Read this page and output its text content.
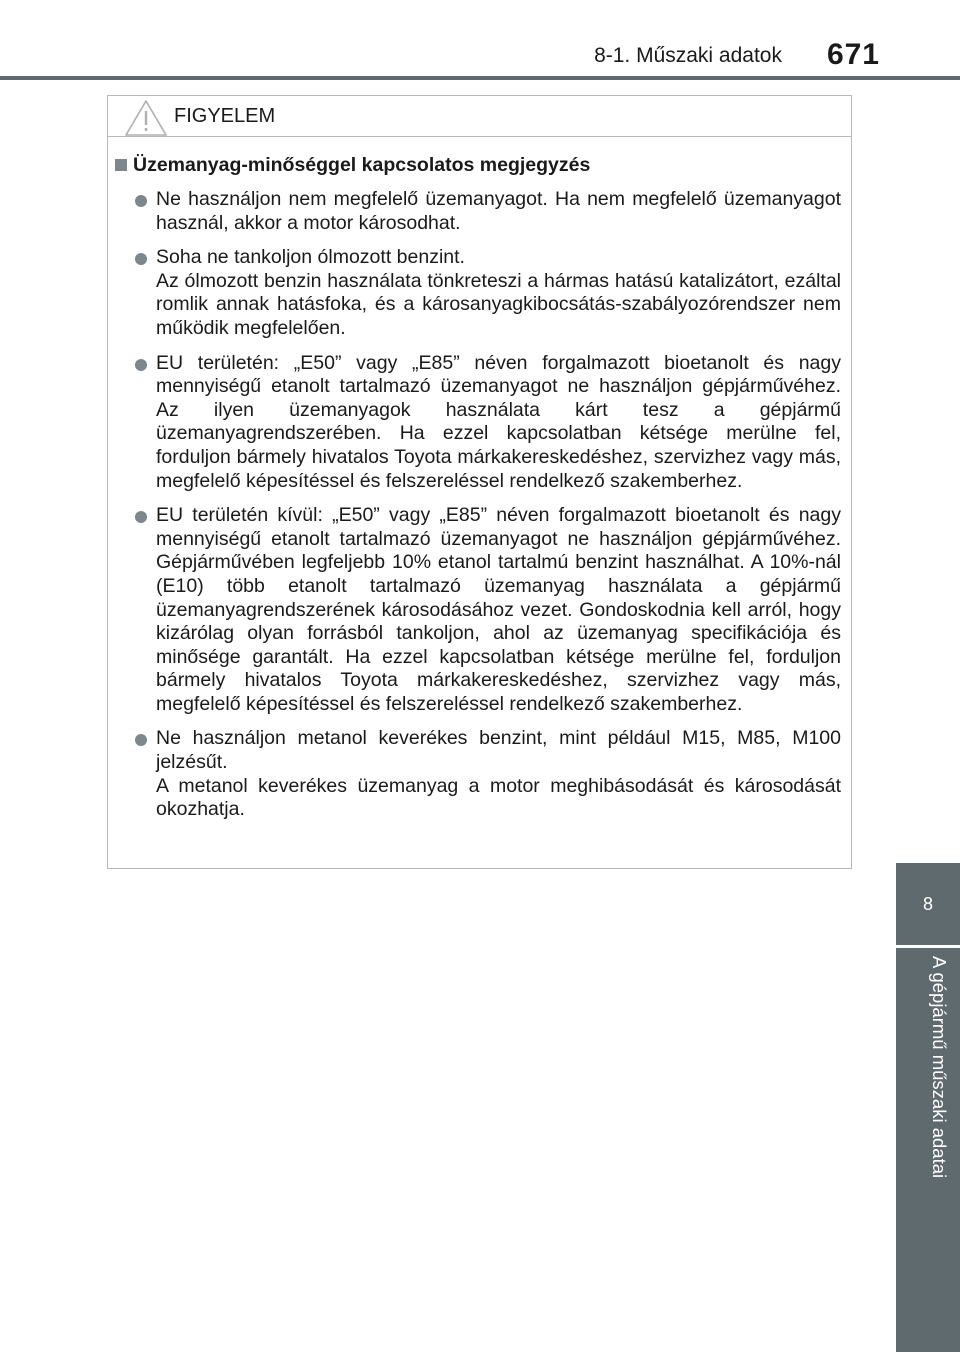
8-1. Műszaki adatok 671
8
A gépjármű műszaki adatai
FIGYELEM
Üzemanyag-minőséggel kapcsolatos megjegyzés

Ne használjon nem megfelelő üzemanyagot. Ha nem megfelelő üzemanyagot használ, akkor a motor károsodhat.

Soha ne tankoljon ólmozott benzint.

Az ólmozott benzin használata tönkreteszi a hármas hatású katalizátort, ezáltal romlik annak hatásfoka, és a károsanyagkibocsátás-szabályozórendszer nem működik megfelelően.

EU területén: „E50” vagy „E85” néven forgalmazott bioetanolt és nagy mennyiségű etanolt tartalmazó üzemanyagot ne használjon gépjárművéhez. Az ilyen üzemanyagok használata kárt tesz a gépjármű üzemanyagrendszerében. Ha ezzel kapcsolatban kétsége merülne fel, forduljon bármely hivatalos Toyota márkakereskedéshez, szervizhez vagy más, megfelelő képesítéssel és felszereléssel rendelkező szakemberhez.

EU területén kívül: „E50” vagy „E85” néven forgalmazott bioetanolt és nagy mennyiségű etanolt tartalmazó üzemanyagot ne használjon gépjárművéhez. Gépjárművében legfeljebb 10% etanol tartalmú benzint használhat. A 10%-nál (E10) több etanolt tartalmazó üzemanyag használata a gépjármű üzemanyagrendszerének károsodásához vezet. Gondoskodnia kell arról, hogy kizárólag olyan forrásból tankoljon, ahol az üzemanyag specifikációja és minősége garantált. Ha ezzel kapcsolatban kétsége merülne fel, forduljon bármely hivatalos Toyota márkakereskedéshez, szervizhez vagy más, megfelelő képesítéssel és felszereléssel rendelkező szakemberhez.

Ne használjon metanol keverékes benzint, mint például M15, M85, M100 jelzésűt.

A metanol keverékes üzemanyag a motor meghibásodását és károsodását okozhatja.
